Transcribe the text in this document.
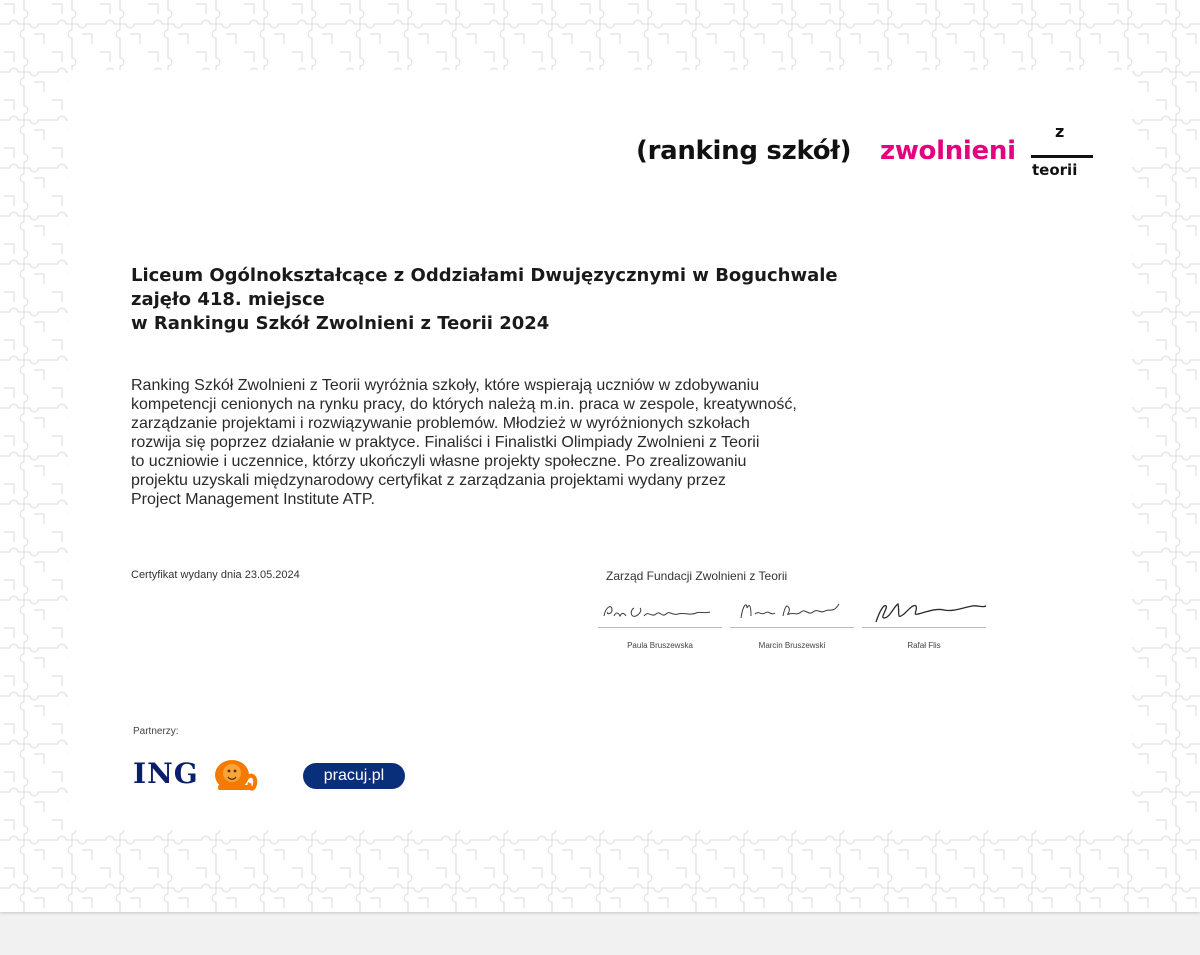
(ranking szkół) zwolnieni
z
teorii
Liceum Ogólnokształcące z Oddziałami Dwujęzycznymi w Boguchwale
zajęło 418. miejsce
w Rankingu Szkół Zwolnieni z Teorii 2024
Ranking Szkół Zwolnieni z Teorii wyróżnia szkoły, które wspierają uczniów w zdobywaniu
kompetencji cenionych na rynku pracy, do których należą m.in. praca w zespole, kreatywność,
zarządzanie projektami i rozwiązywanie problemów. Młodzież w wyróżnionych szkołach
rozwija się poprzez działanie w praktyce. Finaliści i Finalistki Olimpiady Zwolnieni z Teorii
to uczniowie i uczennice, którzy ukończyli własne projekty społeczne. Po zrealizowaniu
projektu uzyskali międzynarodowy certyfikat z zarządzania projektami wydany przez
Project Management Institute ATP.
Certyfikat wydany dnia 23.05.2024	Zarząd Fundacji Zwolnieni z Teorii
Paula Bruszewska	Marcin Bruszewski	Rafał Flis
Partnerzy:
ING	pracuj.pl
